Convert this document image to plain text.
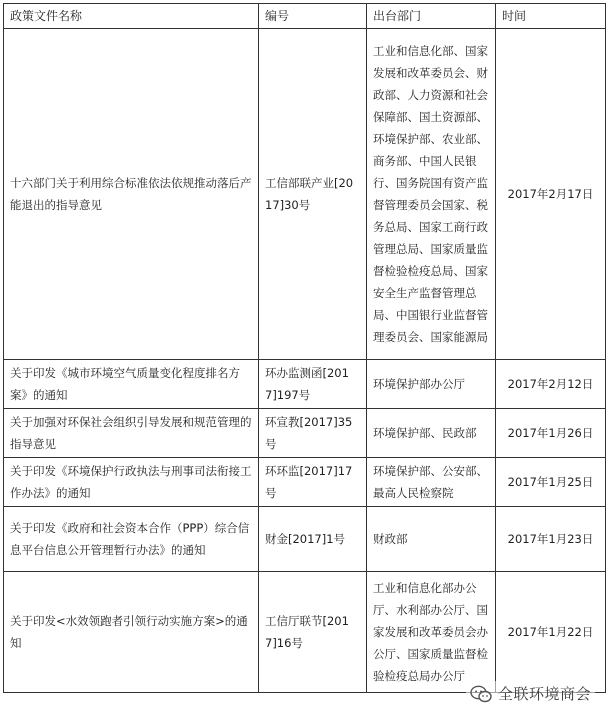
政策文件名称	编号	出台部门	时间
十六部门关于利用综合标准依法依规推动落后产能退出的指导意见	工信部联产业[2017]30号	工业和信息化部、国家发展和改革委员会、财政部、人力资源和社会保障部、国土资源部、环境保护部、农业部、商务部、中国人民银行、国务院国有资产监督管理委员会国家、税务总局、国家工商行政管理总局、国家质量监督检验检疫总局、国家安全生产监督管理总局、中国银行业监督管理委员会、国家能源局	2017年2月17日
关于印发《城市环境空气质量变化程度排名方案》的通知	环办监测函[2017]197号	环境保护部办公厅	2017年2月12日
关于加强对环保社会组织引导发展和规范管理的指导意见	环宣教[2017]35号	环境保护部、民政部	2017年1月26日
关于印发《环境保护行政执法与刑事司法衔接工作办法》的通知	环环监[2017]17号	环境保护部、公安部、最高人民检察院	2017年1月25日
关于印发《政府和社会资本合作（PPP）综合信息平台信息公开管理暂行办法》的通知	财金[2017]1号	财政部	2017年1月23日
关于印发<水效领跑者引领行动实施方案>的通知	工信厅联节[2017]16号	工业和信息化部办公厅、水利部办公厅、国家发展和改革委员会办公厅、国家质量监督检验检疫总局办公厅	2017年1月22日
全联环境商会
